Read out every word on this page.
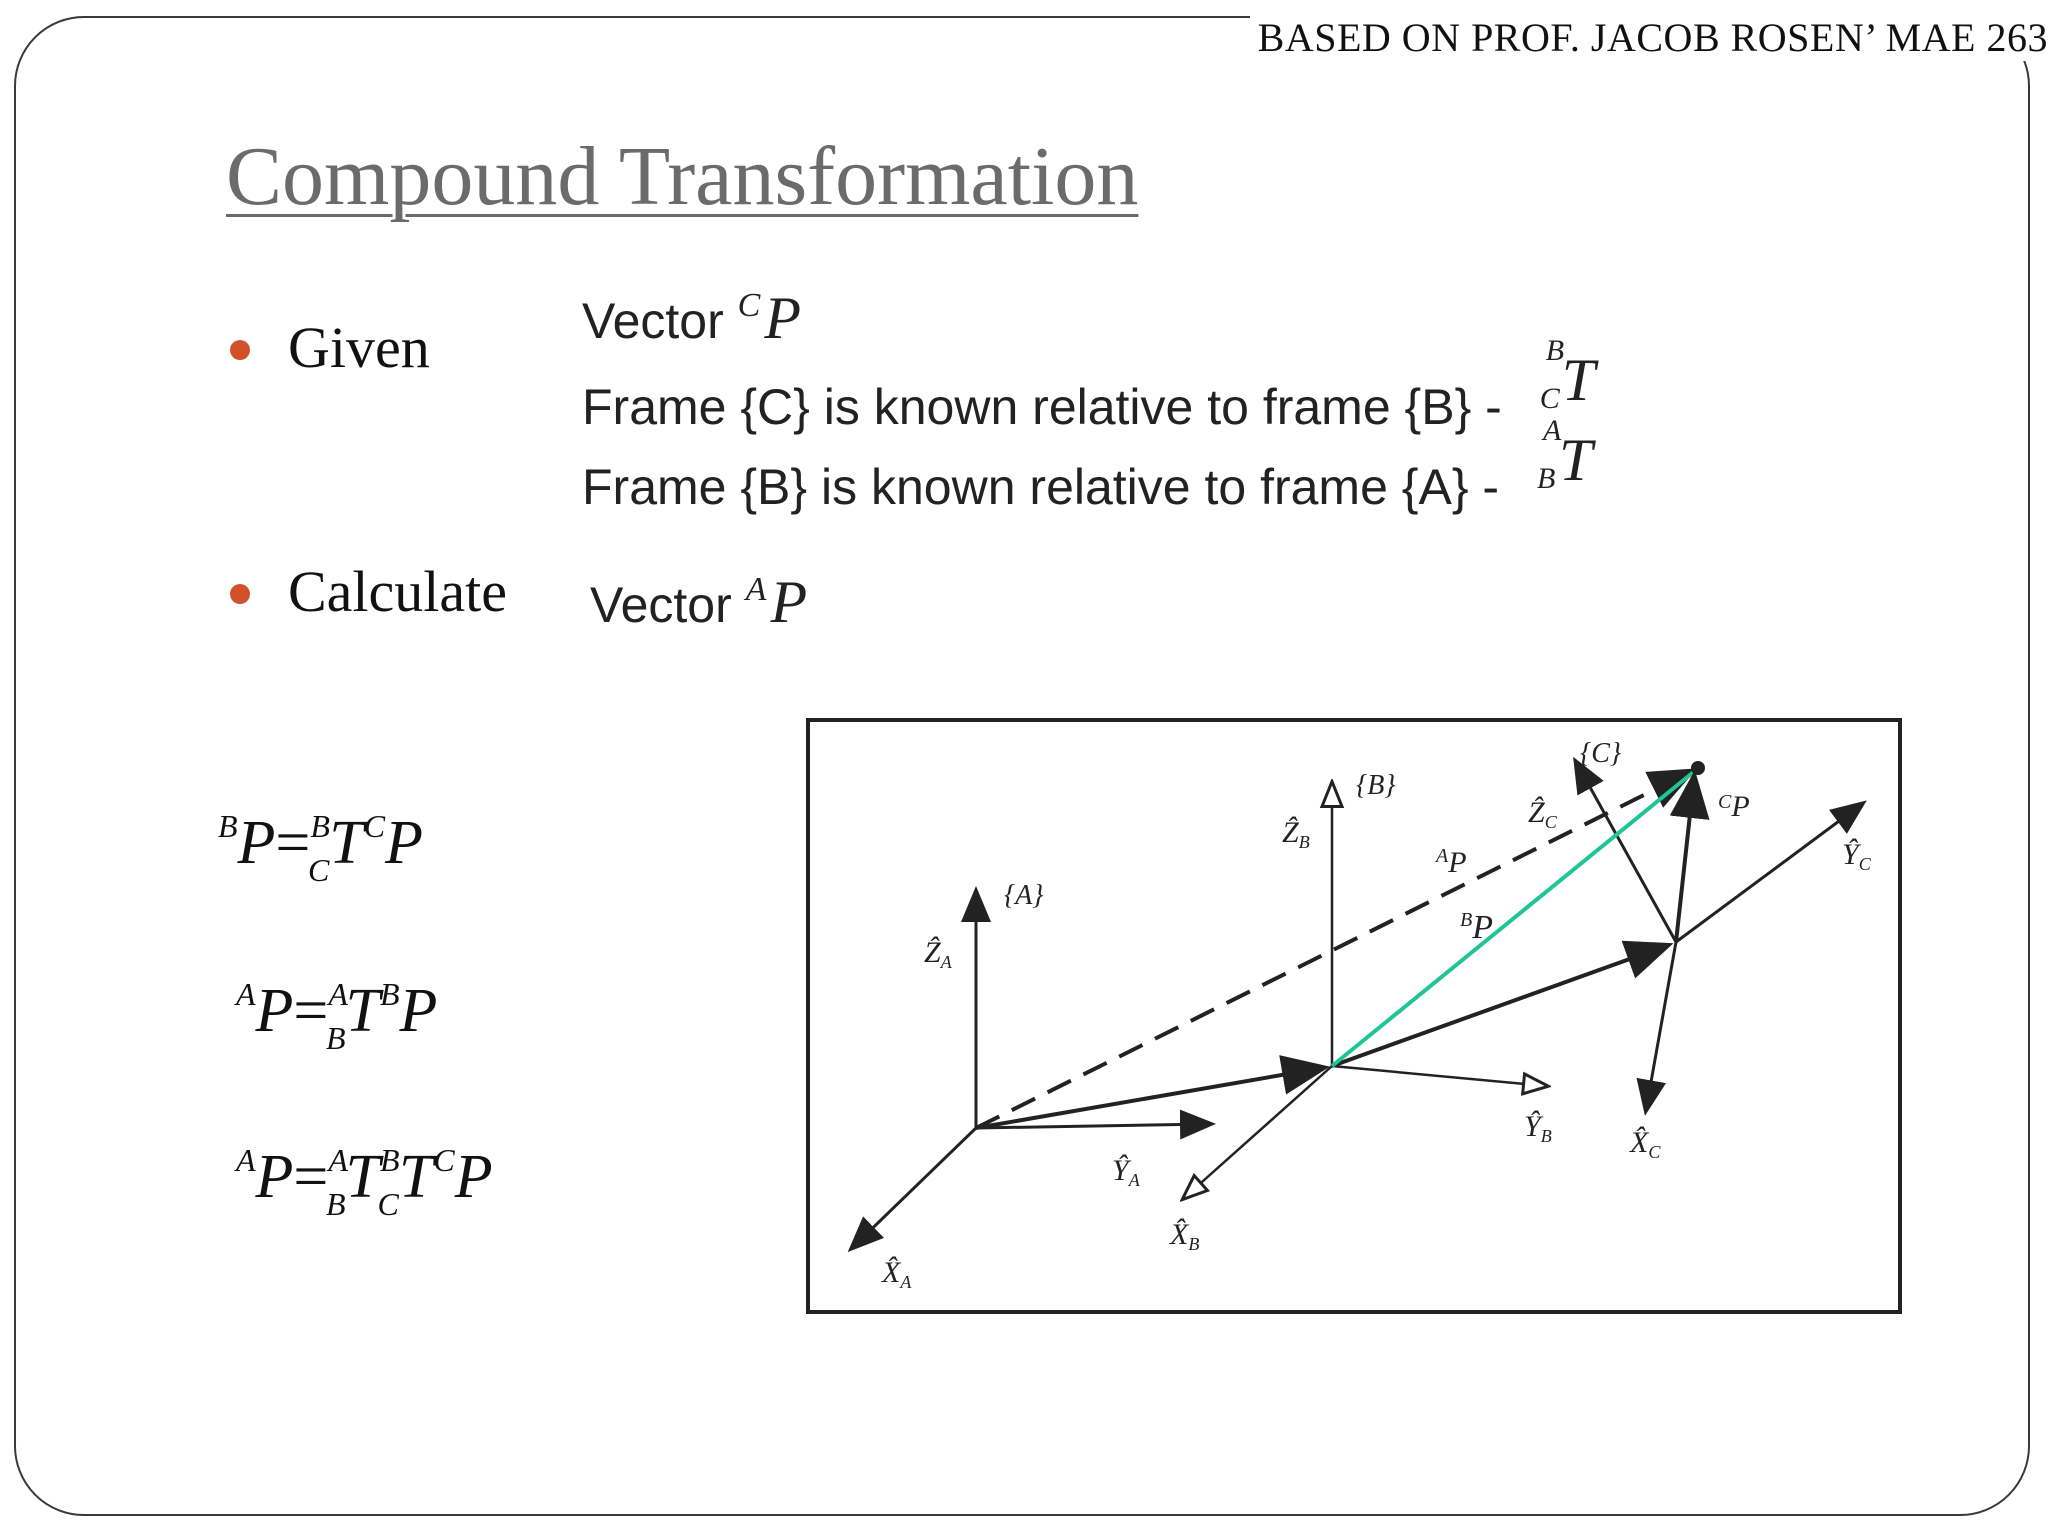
BASED ON PROF. JACOB ROSEN’ MAE 263
Compound Transformation
Given
Calculate
Vector $^C$P
Frame {C} is known relative to frame {B} -
B
C T
Frame {B} is known relative to frame {A} -
A
B T
Vector $^A$P
$^BP=^B_CT^CP$
$^AP=^A_BT^BP$
$^AP=^A_BT^B_CT^CP$
{A}
{B}
{C}
Ẑ$_A$
$Ŷ_A$
$X̂_A$
Ẑ$_B$
$Ŷ_B$
$X̂_B$
Ẑ$_C$
$Ŷ_C$
$X̂_C$
$^A$P
$^B$P
$^C$P
